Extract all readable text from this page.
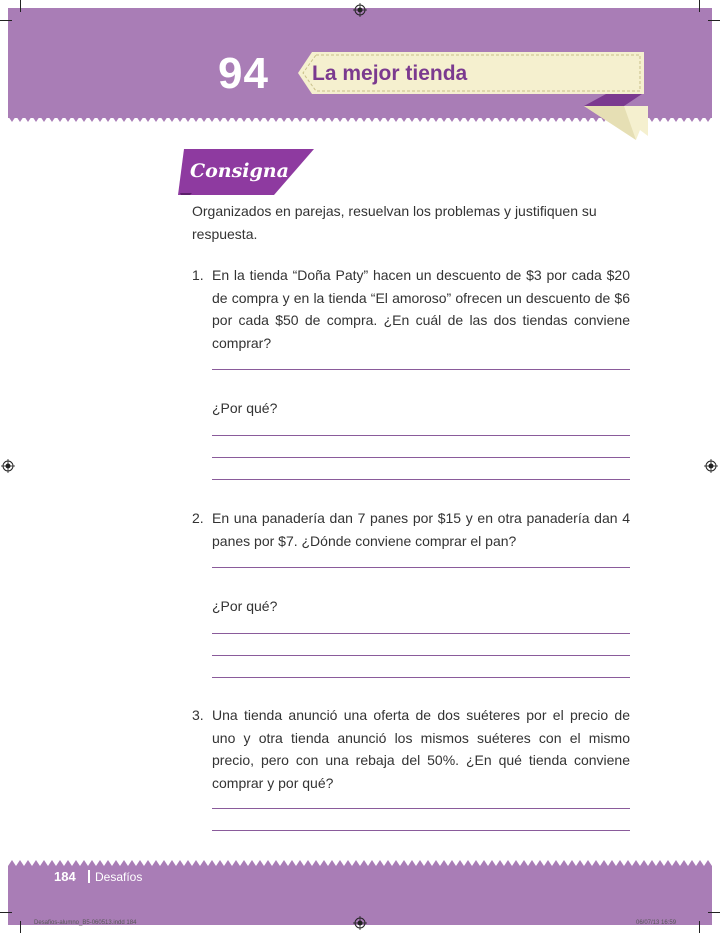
94 La mejor tienda
Consigna
Organizados en parejas, resuelvan los problemas y justifiquen su respuesta.
1. En la tienda “Doña Paty” hacen un descuento de $3 por cada $20 de compra y en la tienda “El amoroso” ofrecen un descuento de $6 por cada $50 de compra. ¿En cuál de las dos tiendas conviene comprar?
¿Por qué?
2. En una panadería dan 7 panes por $15 y en otra panadería dan 4 panes por $7. ¿Dónde conviene comprar el pan?
¿Por qué?
3. Una tienda anunció una oferta de dos suéteres por el precio de uno y otra tienda anunció los mismos suéteres con el mismo precio, pero con una rebaja del 50%. ¿En qué tienda conviene comprar y por qué?
184 Desafíos
Desafios-alumno_B5-060513.indd 184	06/07/13 16:59
